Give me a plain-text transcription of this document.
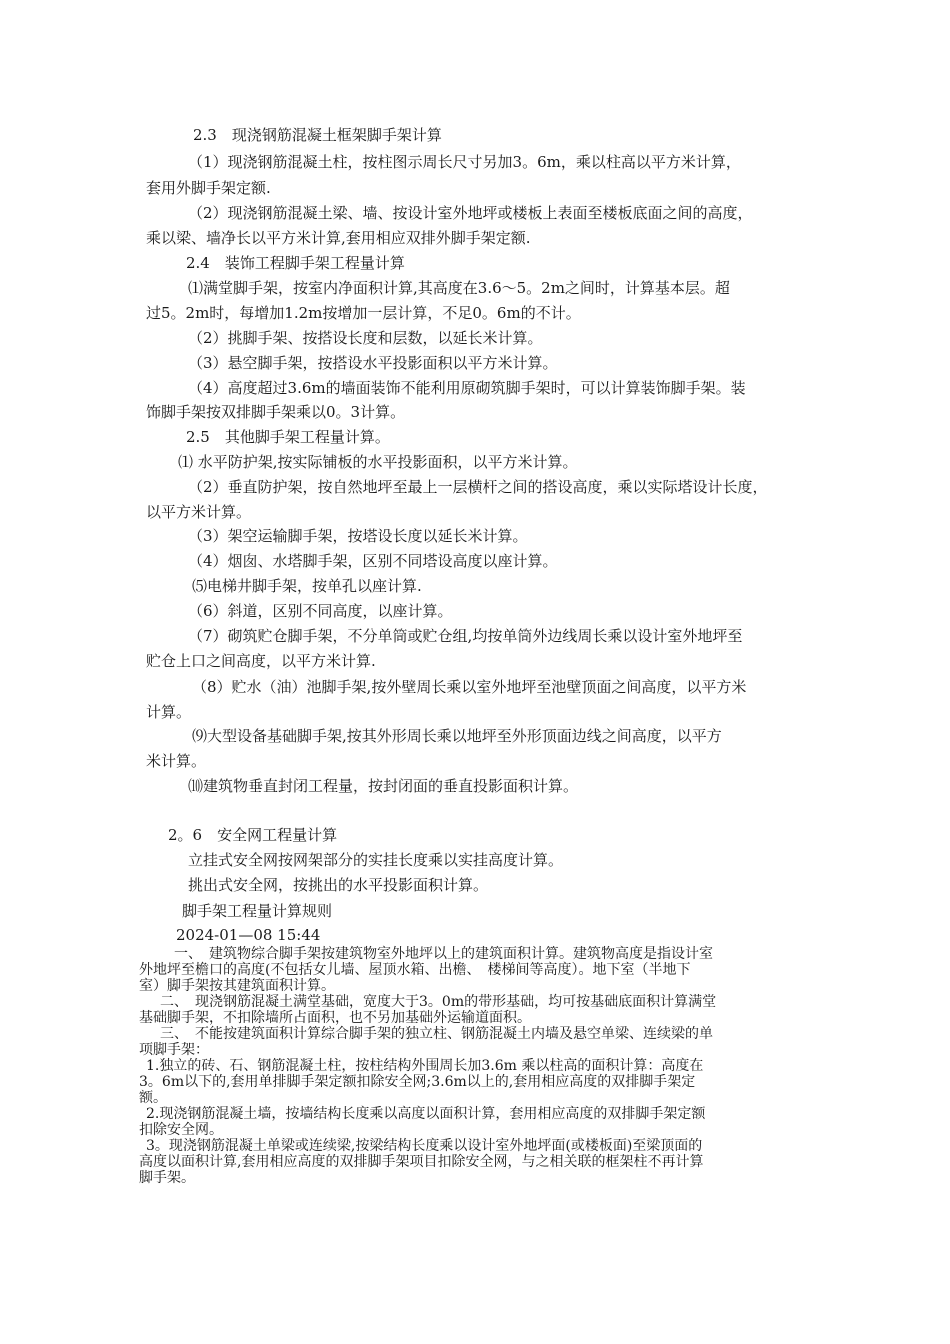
2.3　现浇钢筋混凝土框架脚手架计算
（1）现浇钢筋混凝土柱，按柱图示周长尺寸另加3。6m，乘以柱高以平方米计算，
套用外脚手架定额.
（2）现浇钢筋混凝土梁、墙、按设计室外地坪或楼板上表面至楼板底面之间的高度，
乘以梁、墙净长以平方米计算,套用相应双排外脚手架定额.
2.4　装饰工程脚手架工程量计算
⑴满堂脚手架，按室内净面积计算,其高度在3.6～5。2m之间时，计算基本层。超
过5。2m时，每增加1.2m按增加一层计算，不足0。6m的不计。
（2）挑脚手架、按搭设长度和层数，以延长米计算。
（3）悬空脚手架，按搭设水平投影面积以平方米计算。
（4）高度超过3.6m的墙面装饰不能利用原砌筑脚手架时，可以计算装饰脚手架。装
饰脚手架按双排脚手架乘以0。3计算。
2.5　其他脚手架工程量计算。
⑴ 水平防护架,按实际铺板的水平投影面积，以平方米计算。
（2）垂直防护架，按自然地坪至最上一层横杆之间的搭设高度，乘以实际塔设计长度，
以平方米计算。
（3）架空运输脚手架，按塔设长度以延长米计算。
（4）烟囱、水塔脚手架，区别不同塔设高度以座计算。
⑸电梯井脚手架，按单孔以座计算.
（6）斜道，区别不同高度，以座计算。
（7）砌筑贮仓脚手架，不分单筒或贮仓组,均按单筒外边线周长乘以设计室外地坪至
贮仓上口之间高度，以平方米计算.
（8）贮水（油）池脚手架,按外壁周长乘以室外地坪至池壁顶面之间高度，以平方米
计算。
⑼大型设备基础脚手架,按其外形周长乘以地坪至外形顶面边线之间高度，以平方
米计算。
⑽建筑物垂直封闭工程量，按封闭面的垂直投影面积计算。
2。6　安全网工程量计算
立挂式安全网按网架部分的实挂长度乘以实挂高度计算。
挑出式安全网，按挑出的水平投影面积计算。
脚手架工程量计算规则
2024-01—08 15:44
一、　建筑物综合脚手架按建筑物室外地坪以上的建筑面积计算。建筑物高度是指设计室
外地坪至檐口的高度(不包括女儿墙、屋顶水箱、出檐、　楼梯间等高度）。地下室（半地下
室）脚手架按其建筑面积计算。
二、　现浇钢筋混凝土满堂基础，宽度大于3。0m的带形基础，均可按基础底面积计算满堂
基础脚手架，不扣除墙所占面积，也不另加基础外运输道面积。
三、　不能按建筑面积计算综合脚手架的独立柱、钢筋混凝土内墙及悬空单梁、连续梁的单
项脚手架：
1.独立的砖、石、钢筋混凝土柱，按柱结构外围周长加3.6m 乘以柱高的面积计算：高度在
3。6m以下的,套用单排脚手架定额扣除安全网;3.6m以上的,套用相应高度的双排脚手架定
额。
2.现浇钢筋混凝土墙，按墙结构长度乘以高度以面积计算，套用相应高度的双排脚手架定额
扣除安全网。
3。现浇钢筋混凝土单梁或连续梁,按梁结构长度乘以设计室外地坪面(或楼板面)至梁顶面的
高度以面积计算,套用相应高度的双排脚手架项目扣除安全网，与之相关联的框架柱不再计算
脚手架。
